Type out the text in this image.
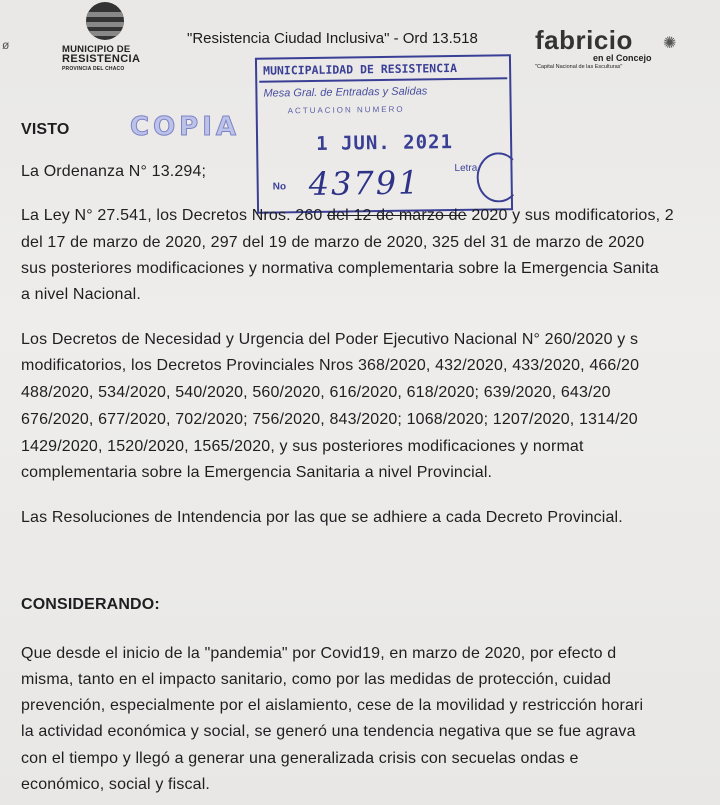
ø	MUNICIPIO DE
RESISTENCIA
PROVINCIA DEL CHACO
"Resistencia Ciudad Inclusiva" - Ord 13.518 fabricio ✺
en el Concejo
"Capital Nacional de las Esculturas"
MUNICIPALIDAD DE RESISTENCIA
Mesa Gral. de Entradas y Salidas
ACTUACION NUMERO
1 JUN. 2021
Letra
No 43791
COPIA
VISTO
La Ordenanza N° 13.294;
La Ley N° 27.541, los Decretos Nros. 260 del 12 de marzo de 2020 y sus modificatorios, 2
del 17 de marzo de 2020, 297 del 19 de marzo de 2020, 325 del 31 de marzo de 2020
sus posteriores modificaciones y normativa complementaria sobre la Emergencia Sanita
a nivel Nacional.
Los Decretos de Necesidad y Urgencia del Poder Ejecutivo Nacional N° 260/2020 y s
modificatorios, los Decretos Provinciales Nros 368/2020, 432/2020, 433/2020, 466/20
488/2020, 534/2020, 540/2020, 560/2020, 616/2020, 618/2020; 639/2020, 643/20
676/2020, 677/2020, 702/2020; 756/2020, 843/2020; 1068/2020; 1207/2020, 1314/20
1429/2020, 1520/2020, 1565/2020, y sus posteriores modificaciones y normat
complementaria sobre la Emergencia Sanitaria a nivel Provincial.
Las Resoluciones de Intendencia por las que se adhiere a cada Decreto Provincial.
CONSIDERANDO:
Que desde el inicio de la "pandemia" por Covid19, en marzo de 2020, por efecto d
misma, tanto en el impacto sanitario, como por las medidas de protección, cuidad
prevención, especialmente por el aislamiento, cese de la movilidad y restricción horari
la actividad económica y social, se generó una tendencia negativa que se fue agrava
con el tiempo y llegó a generar una generalizada crisis con secuelas ondas e
económico, social y fiscal.
